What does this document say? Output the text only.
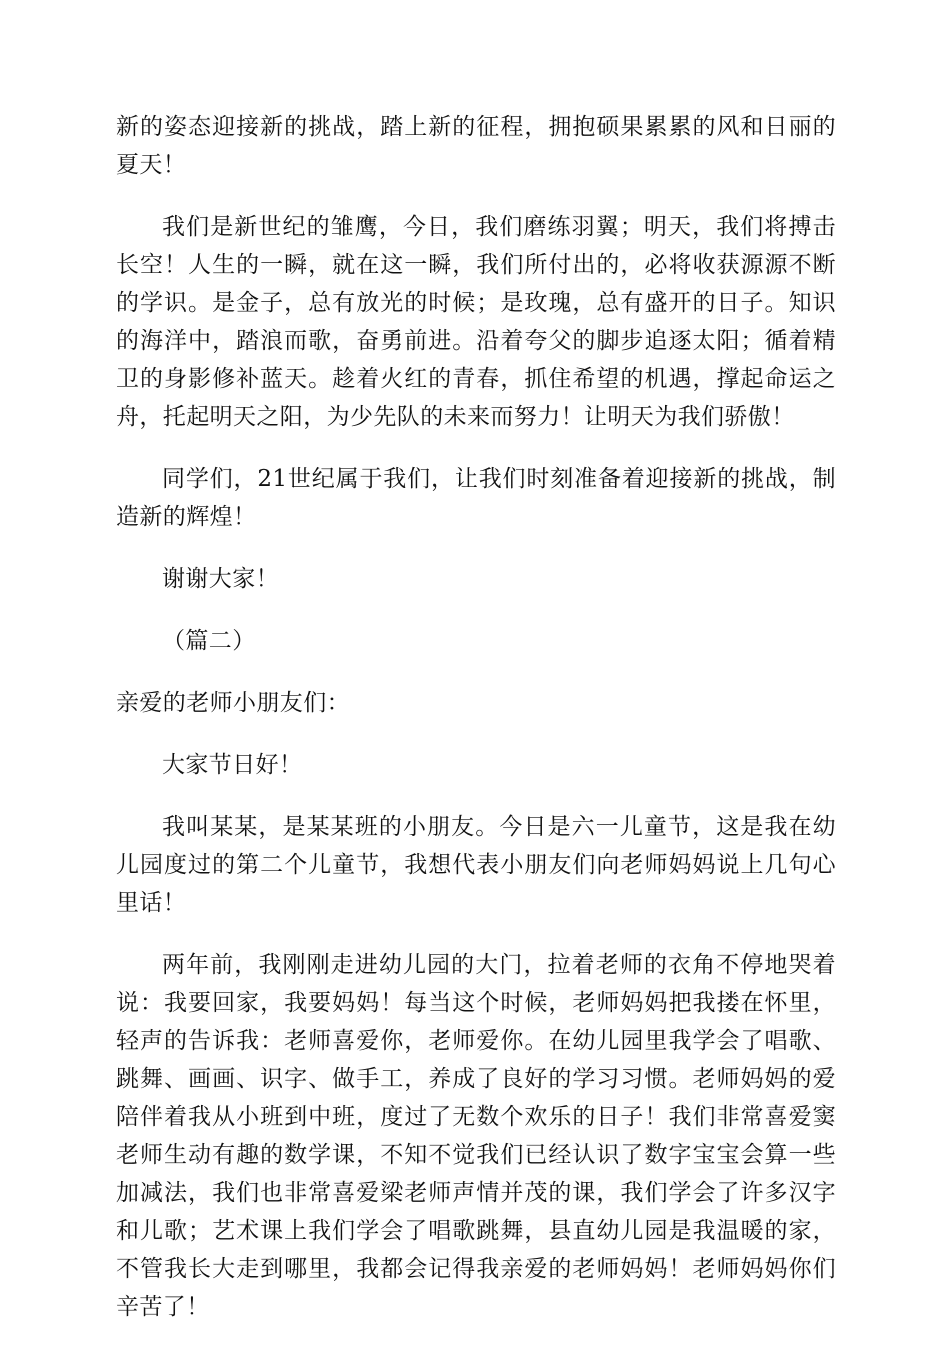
新的姿态迎接新的挑战，踏上新的征程，拥抱硕果累累的风和日丽的夏天！

我们是新世纪的雏鹰，今日，我们磨练羽翼；明天，我们将搏击长空！人生的一瞬，就在这一瞬，我们所付出的，必将收获源源不断的学识。是金子，总有放光的时候；是玫瑰，总有盛开的日子。知识的海洋中，踏浪而歌，奋勇前进。沿着夸父的脚步追逐太阳；循着精卫的身影修补蓝天。趁着火红的青春，抓住希望的机遇，撑起命运之舟，托起明天之阳，为少先队的未来而努力！让明天为我们骄傲！

同学们，21世纪属于我们，让我们时刻准备着迎接新的挑战，制造新的辉煌！

谢谢大家！

（篇二）

亲爱的老师小朋友们：

大家节日好！

我叫某某，是某某班的小朋友。今日是六一儿童节，这是我在幼儿园度过的第二个儿童节，我想代表小朋友们向老师妈妈说上几句心里话！

两年前，我刚刚走进幼儿园的大门，拉着老师的衣角不停地哭着说：我要回家，我要妈妈！每当这个时候，老师妈妈把我搂在怀里，轻声的告诉我：老师喜爱你，老师爱你。在幼儿园里我学会了唱歌、跳舞、画画、识字、做手工，养成了良好的学习习惯。老师妈妈的爱陪伴着我从小班到中班，度过了无数个欢乐的日子！我们非常喜爱窦老师生动有趣的数学课，不知不觉我们已经认识了数字宝宝会算一些加减法，我们也非常喜爱梁老师声情并茂的课，我们学会了许多汉字和儿歌；艺术课上我们学会了唱歌跳舞，县直幼儿园是我温暖的家，不管我长大走到哪里，我都会记得我亲爱的老师妈妈！老师妈妈你们辛苦了！
